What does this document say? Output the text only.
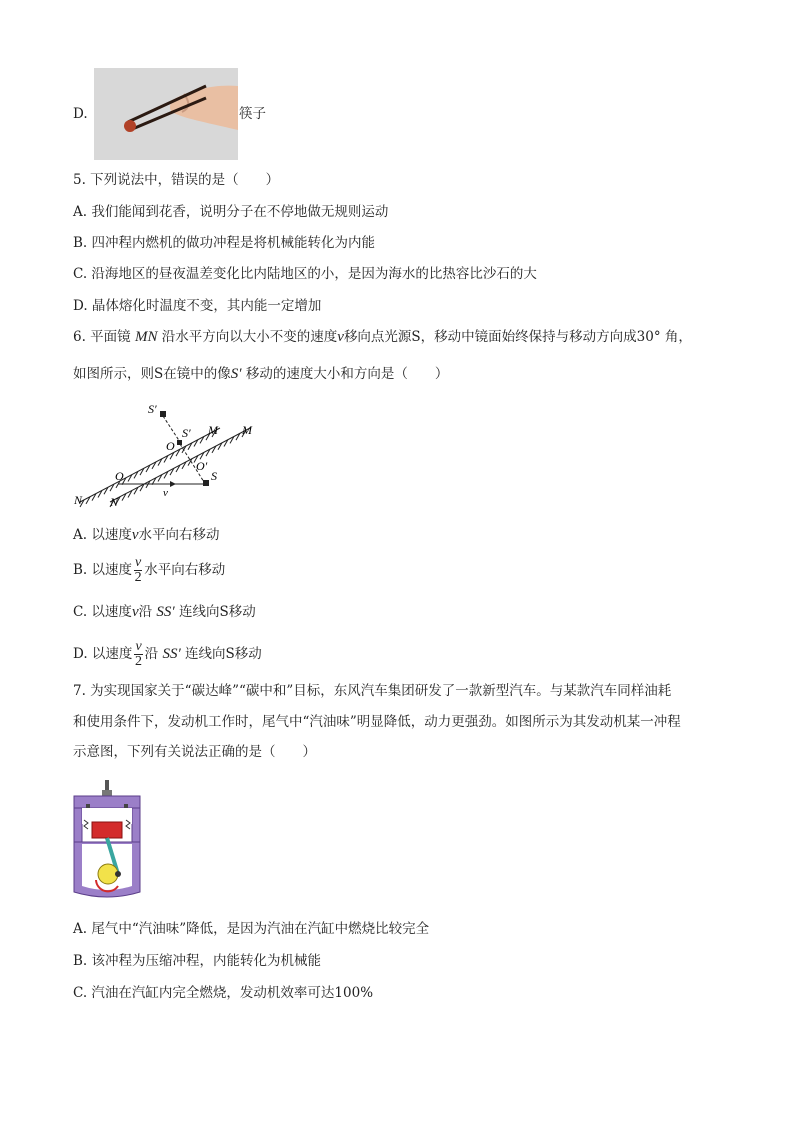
D.	筷子
5. 下列说法中，错误的是（　　）
A. 我们能闻到花香，说明分子在不停地做无规则运动
B. 四冲程内燃机的做功冲程是将机械能转化为内能
C. 沿海地区的昼夜温差变化比内陆地区的小，是因为海水的比热容比沙石的大
D. 晶体熔化时温度不变，其内能一定增加
6. 平面镜 MN 沿水平方向以大小不变的速度v移向点光源S，移动中镜面始终保持与移动方向成30° 角，
如图所示，则S在镜中的像S′ 移动的速度大小和方向是（　　）
S′
S′
O
O
O′
M M
N N
S
v
A. 以速度v水平向右移动
B. 以速度 $\frac{v}{2}$ 水平向右移动
C. 以速度v沿 SS′ 连线向S移动
D. 以速度 $\frac{v}{2}$ 沿 SS′ 连线向S移动
7. 为实现国家关于“碳达峰”“碳中和”目标，东风汽车集团研发了一款新型汽车。与某款汽车同样油耗
和使用条件下，发动机工作时，尾气中“汽油味”明显降低，动力更强劲。如图所示为其发动机某一冲程
示意图，下列有关说法正确的是（　　）
A. 尾气中“汽油味”降低，是因为汽油在汽缸中燃烧比较完全
B. 该冲程为压缩冲程，内能转化为机械能
C. 汽油在汽缸内完全燃烧，发动机效率可达100%
